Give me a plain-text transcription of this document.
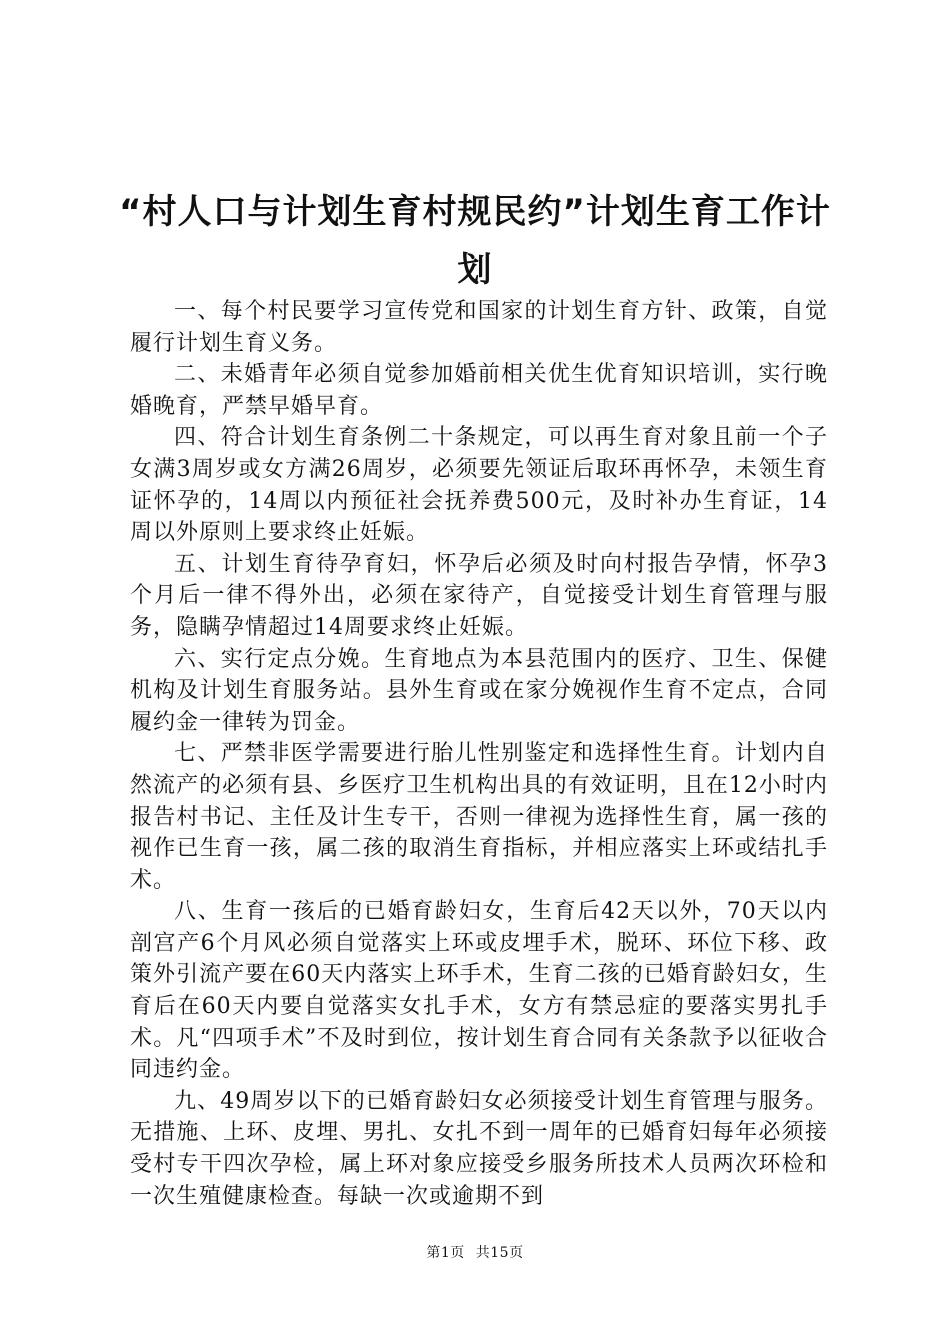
“村人口与计划生育村规民约”计划生育工作计划

一、每个村民要学习宣传党和国家的计划生育方针、政策，自觉履行计划生育义务。

二、未婚青年必须自觉参加婚前相关优生优育知识培训，实行晚婚晚育，严禁早婚早育。

四、符合计划生育条例二十条规定，可以再生育对象且前一个子女满3周岁或女方满26周岁，必须要先领证后取环再怀孕，未领生育证怀孕的，14周以内预征社会抚养费500元，及时补办生育证，14周以外原则上要求终止妊娠。

五、计划生育待孕育妇，怀孕后必须及时向村报告孕情，怀孕3个月后一律不得外出，必须在家待产，自觉接受计划生育管理与服务，隐瞒孕情超过14周要求终止妊娠。

六、实行定点分娩。生育地点为本县范围内的医疗、卫生、保健机构及计划生育服务站。县外生育或在家分娩视作生育不定点，合同履约金一律转为罚金。

七、严禁非医学需要进行胎儿性别鉴定和选择性生育。计划内自然流产的必须有县、乡医疗卫生机构出具的有效证明，且在12小时内报告村书记、主任及计生专干，否则一律视为选择性生育，属一孩的视作已生育一孩，属二孩的取消生育指标，并相应落实上环或结扎手术。

八、生育一孩后的已婚育龄妇女，生育后42天以外，70天以内剖宫产6个月风必须自觉落实上环或皮埋手术，脱环、环位下移、政策外引流产要在60天内落实上环手术，生育二孩的已婚育龄妇女，生育后在60天内要自觉落实女扎手术，女方有禁忌症的要落实男扎手术。凡“四项手术”不及时到位，按计划生育合同有关条款予以征收合同违约金。

九、49周岁以下的已婚育龄妇女必须接受计划生育管理与服务。无措施、上环、皮埋、男扎、女扎不到一周年的已婚育妇每年必须接受村专干四次孕检，属上环对象应接受乡服务所技术人员两次环检和一次生殖健康检查。每缺一次或逾期不到

第1页 共15页
